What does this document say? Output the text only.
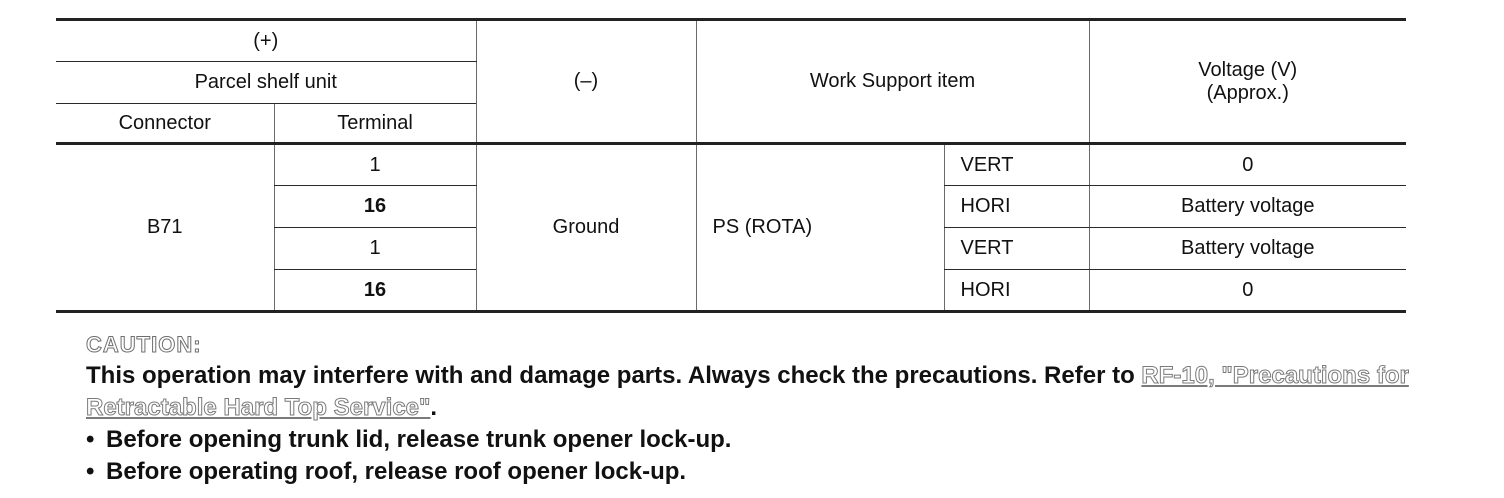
(+)		(–)	Work Support item		Voltage (V)
(Approx.)

Parcel shelf unit					
Connector	Terminal				
B71	1	Ground	PS (ROTA)	VERT	0
	16			HORI	Battery voltage
	1			VERT	Battery voltage
	16			HORI	0
CAUTION:

This operation may interfere with and damage parts. Always check the precautions. Refer to RF-10, "Precautions for Retractable Hard Top Service".

• Before opening trunk lid, release trunk opener lock-up.

• Before operating roof, release roof opener lock-up.
